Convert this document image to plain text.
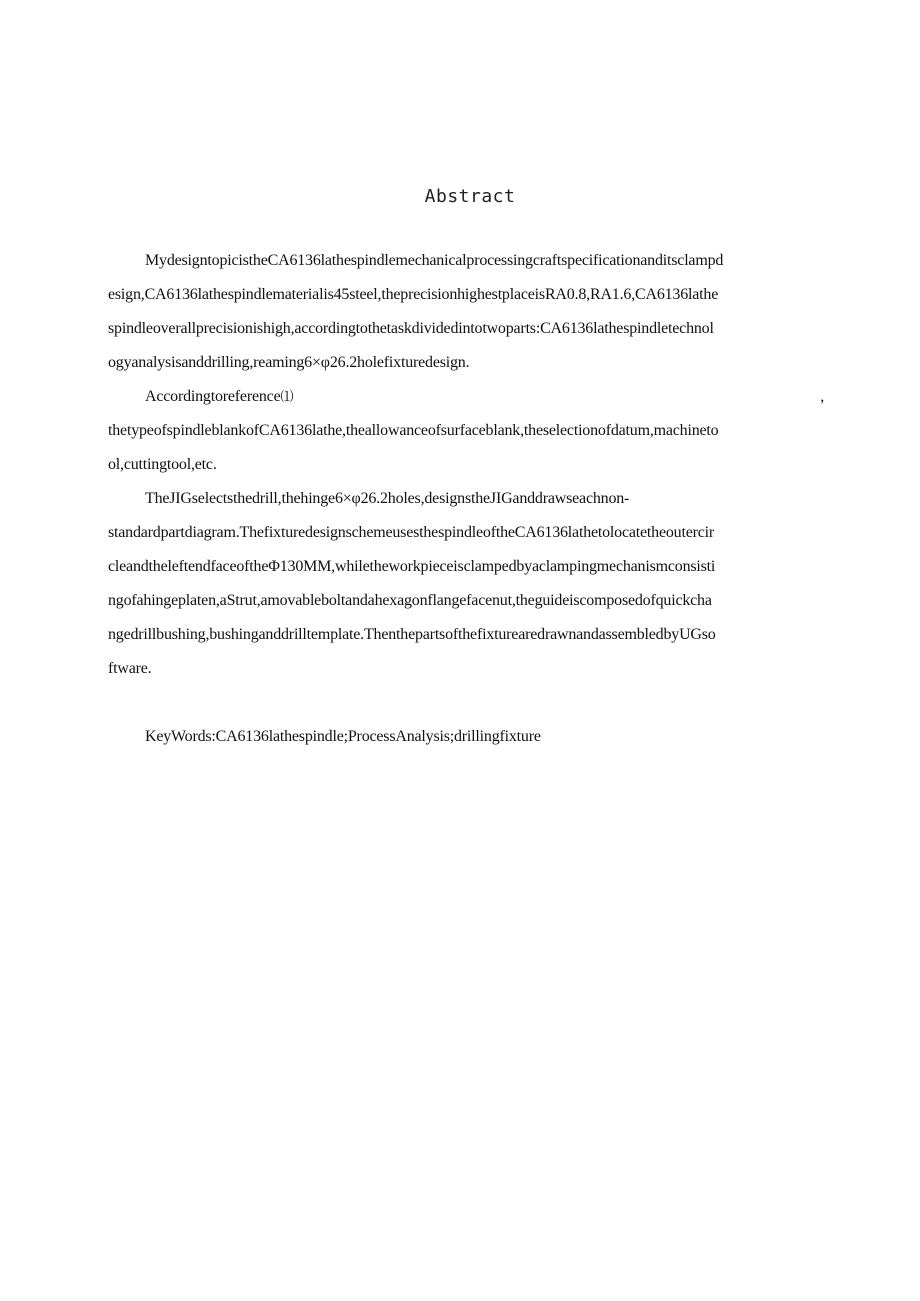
Abstract
MydesigntopicistheCA6136lathespindlemechanicalprocessingcraftspecificationanditsclampd
esign,CA6136lathespindlematerialis45steel,theprecisionhighestplaceisRA0.8,RA1.6,CA6136lathe
spindleoverallprecisionishigh,accordingtothetaskdividedintotwoparts:CA6136lathespindletechnol
ogyanalysisanddrilling,reaming6×φ26.2holefixturedesign.
Accordingtoreference⑴	,
thetypeofspindleblankofCA6136lathe,theallowanceofsurfaceblank,theselectionofdatum,machineto
ol,cuttingtool,etc.
TheJIGselectsthedrill,thehinge6×φ26.2holes,designstheJIGanddrawseachnon-
standardpartdiagram.ThefixturedesignschemeusesthespindleoftheCA6136lathetolocatetheoutercir
cleandtheleftendfaceoftheΦ130MM,whiletheworkpieceisclampedbyaclampingmechanismconsisti
ngofahingeplaten,aStrut,amovableboltandahexagonflangefacenut,theguideiscomposedofquickcha
ngedrillbushing,bushinganddrilltemplate.ThenthepartsofthefixturearedrawnandassembledbyUGso
ftware.
KeyWords:CA6136lathespindle;ProcessAnalysis;drillingfixture
